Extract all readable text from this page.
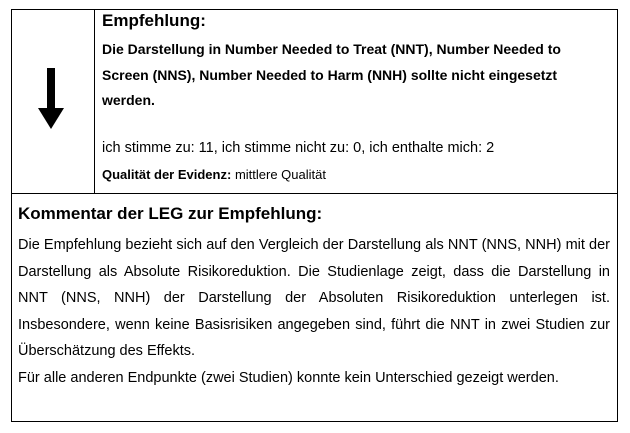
Empfehlung:
Die Darstellung in Number Needed to Treat (NNT), Number Needed to Screen (NNS), Number Needed to Harm (NNH) sollte nicht eingesetzt werden.
ich stimme zu: 11, ich stimme nicht zu: 0, ich enthalte mich: 2
Qualität der Evidenz: mittlere Qualität
Kommentar der LEG zur Empfehlung:

Die Empfehlung bezieht sich auf den Vergleich der Darstellung als NNT (NNS, NNH) mit der Darstellung als Absolute Risikoreduktion. Die Studienlage zeigt, dass die Darstellung in NNT (NNS, NNH) der Darstellung der Absoluten Risikoreduktion unterlegen ist. Insbesondere, wenn keine Basisrisiken angegeben sind, führt die NNT in zwei Studien zur Überschätzung des Effekts.

Für alle anderen Endpunkte (zwei Studien) konnte kein Unterschied gezeigt werden.
